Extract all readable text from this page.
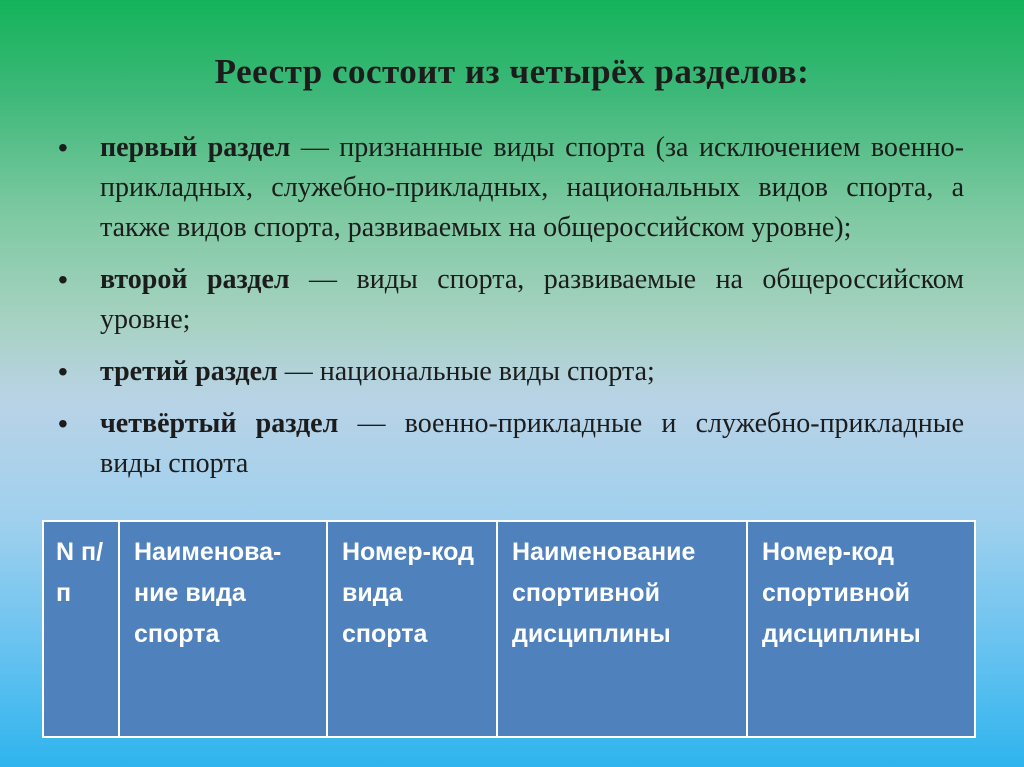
Реестр состоит из четырёх разделов:
• первый раздел — признанные виды спорта (за исключением военно-прикладных, служебно-прикладных, национальных видов спорта, а также видов спорта, развиваемых на общероссийском уровне);
• второй раздел — виды спорта, развиваемые на общероссийском уровне;
• третий раздел — национальные виды спорта;
• четвёртый раздел — военно-прикладные и служебно-прикладные виды спорта
N п/п	Наименова-ние вида спорта	Номер-код вида спорта	Наименование спортивной дисциплины	Номер-код спортивной дисциплины
